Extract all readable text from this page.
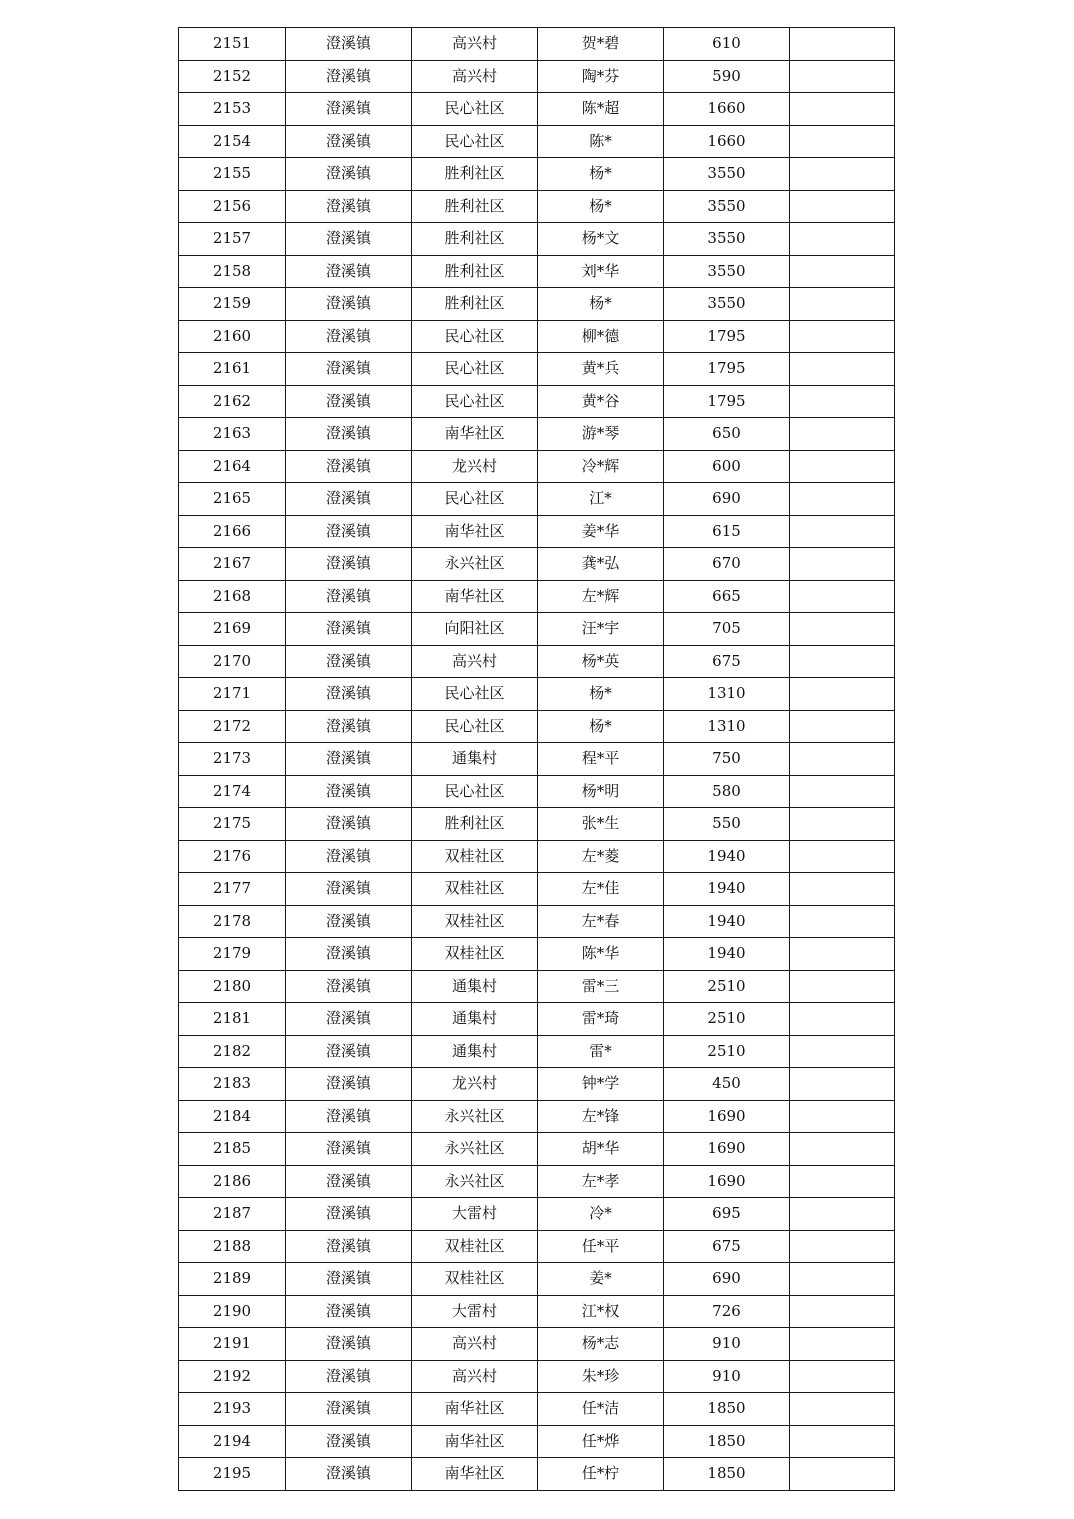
2151	澄溪镇	高兴村	贺*碧	610	
2152	澄溪镇	高兴村	陶*芬	590	
2153	澄溪镇	民心社区	陈*超	1660	
2154	澄溪镇	民心社区	陈*	1660	
2155	澄溪镇	胜利社区	杨*	3550	
2156	澄溪镇	胜利社区	杨*	3550	
2157	澄溪镇	胜利社区	杨*文	3550	
2158	澄溪镇	胜利社区	刘*华	3550	
2159	澄溪镇	胜利社区	杨*	3550	
2160	澄溪镇	民心社区	柳*德	1795	
2161	澄溪镇	民心社区	黄*兵	1795	
2162	澄溪镇	民心社区	黄*谷	1795	
2163	澄溪镇	南华社区	游*琴	650	
2164	澄溪镇	龙兴村	冷*辉	600	
2165	澄溪镇	民心社区	江*	690	
2166	澄溪镇	南华社区	姜*华	615	
2167	澄溪镇	永兴社区	龚*弘	670	
2168	澄溪镇	南华社区	左*辉	665	
2169	澄溪镇	向阳社区	汪*宇	705	
2170	澄溪镇	高兴村	杨*英	675	
2171	澄溪镇	民心社区	杨*	1310	
2172	澄溪镇	民心社区	杨*	1310	
2173	澄溪镇	通集村	程*平	750	
2174	澄溪镇	民心社区	杨*明	580	
2175	澄溪镇	胜利社区	张*生	550	
2176	澄溪镇	双桂社区	左*菱	1940	
2177	澄溪镇	双桂社区	左*佳	1940	
2178	澄溪镇	双桂社区	左*春	1940	
2179	澄溪镇	双桂社区	陈*华	1940	
2180	澄溪镇	通集村	雷*三	2510	
2181	澄溪镇	通集村	雷*琦	2510	
2182	澄溪镇	通集村	雷*	2510	
2183	澄溪镇	龙兴村	钟*学	450	
2184	澄溪镇	永兴社区	左*锋	1690	
2185	澄溪镇	永兴社区	胡*华	1690	
2186	澄溪镇	永兴社区	左*孝	1690	
2187	澄溪镇	大雷村	冷*	695	
2188	澄溪镇	双桂社区	任*平	675	
2189	澄溪镇	双桂社区	姜*	690	
2190	澄溪镇	大雷村	江*权	726	
2191	澄溪镇	高兴村	杨*志	910	
2192	澄溪镇	高兴村	朱*珍	910	
2193	澄溪镇	南华社区	任*洁	1850	
2194	澄溪镇	南华社区	任*烨	1850	
2195	澄溪镇	南华社区	任*柠	1850	
